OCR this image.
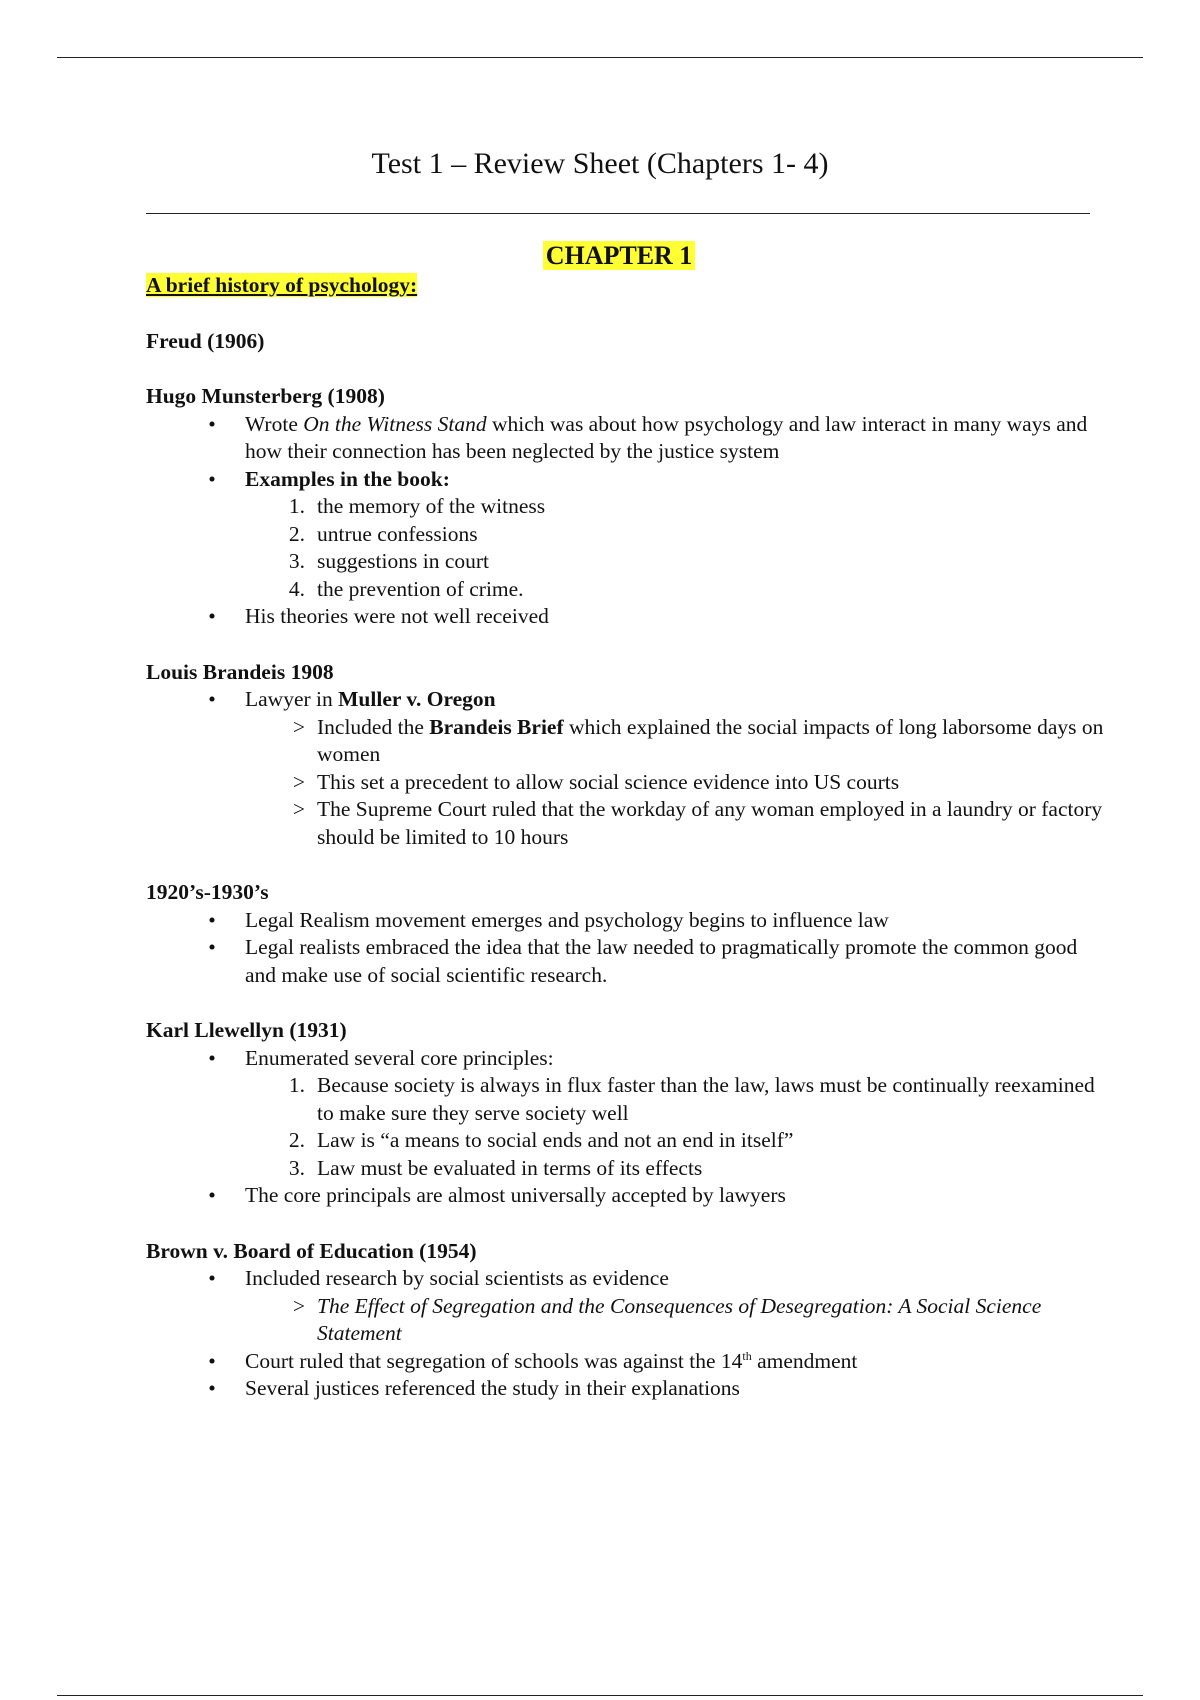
Test 1 – Review Sheet (Chapters 1- 4)
CHAPTER 1

A brief history of psychology:

Freud (1906)

Hugo Munsterberg (1908)

• Wrote On the Witness Stand which was about how psychology and law interact in many ways and how their connection has been neglected by the justice system
• Examples in the book:
1. the memory of the witness
2. untrue confessions
3. suggestions in court
4. the prevention of crime.
• His theories were not well received

Louis Brandeis 1908

• Lawyer in Muller v. Oregon
> Included the Brandeis Brief which explained the social impacts of long laborsome days on women
> This set a precedent to allow social science evidence into US courts
> The Supreme Court ruled that the workday of any woman employed in a laundry or factory should be limited to 10 hours

1920’s-1930’s

• Legal Realism movement emerges and psychology begins to influence law
• Legal realists embraced the idea that the law needed to pragmatically promote the common good and make use of social scientific research.

Karl Llewellyn (1931)

• Enumerated several core principles:
1. Because society is always in flux faster than the law, laws must be continually reexamined to make sure they serve society well
2. Law is “a means to social ends and not an end in itself”
3. Law must be evaluated in terms of its effects
• The core principals are almost universally accepted by lawyers

Brown v. Board of Education (1954)

• Included research by social scientists as evidence
> The Effect of Segregation and the Consequences of Desegregation: A Social Science Statement
• Court ruled that segregation of schools was against the 14th amendment
• Several justices referenced the study in their explanations
